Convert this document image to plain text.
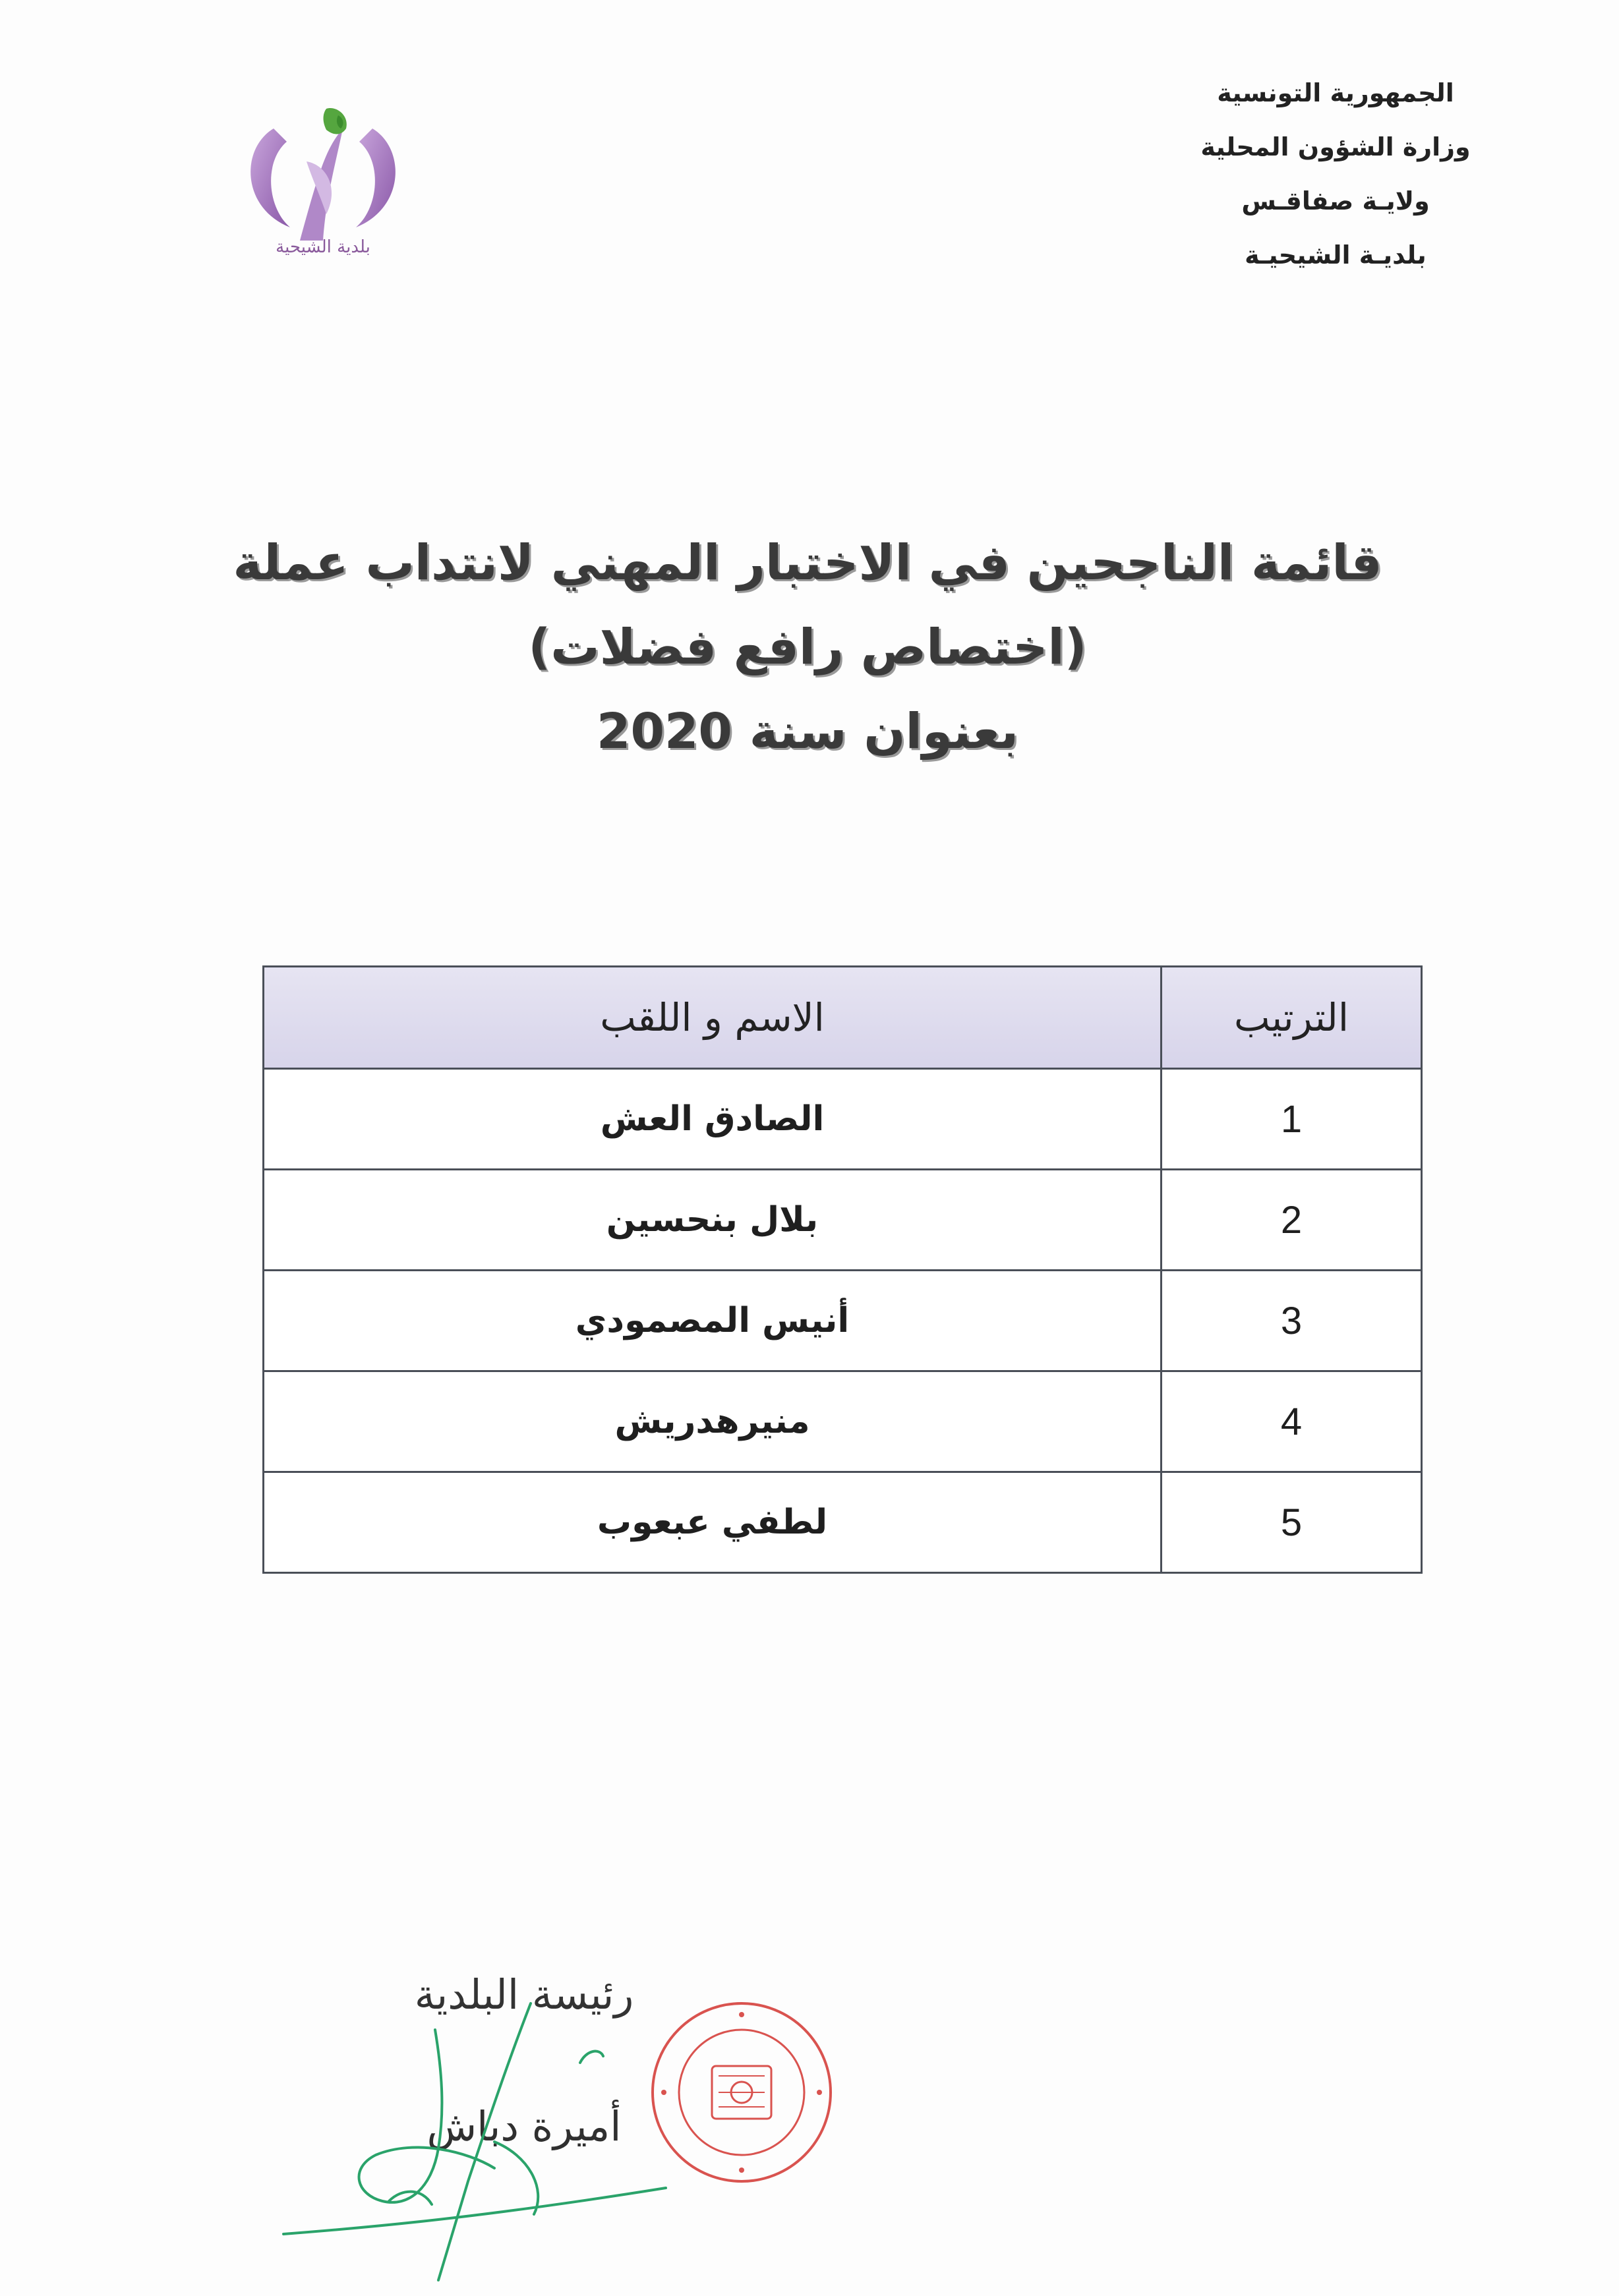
بلدية الشيحية
الجمهورية التونسية
وزارة الشؤون المحلية
ولايـة صفاقـس
بلديـة الشيحيـة
قائمة الناجحين في الاختبار المهني لانتداب عملة
(اختصاص رافع فضلات)
بعنوان سنة 2020
الترتيب	الاسم و اللقب
1	الصادق العش
2	بلال بنحسين
3	أنيس المصمودي
4	منيرهدريش
5	لطفي عبعوب
رئيسة البلدية
أميرة دباش
